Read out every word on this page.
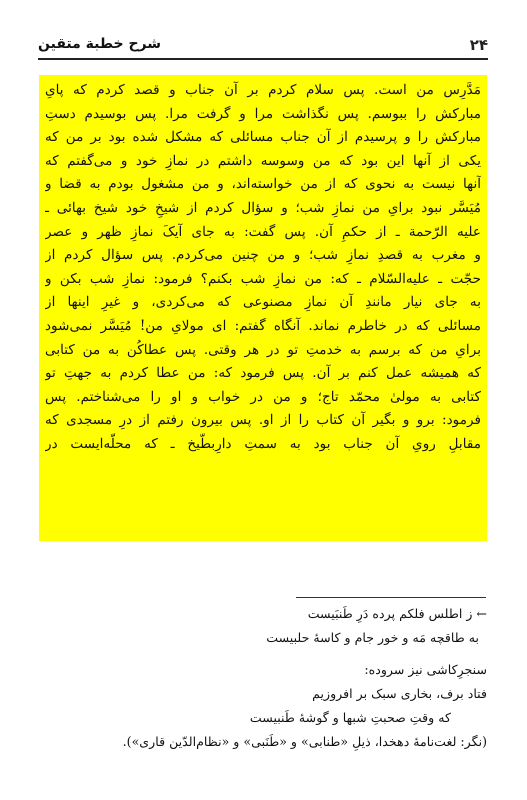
۲۴
شرح خطبة متقین
مَدَّرِس من است. پس سلام کردم بر آن جناب و قصد کردم که پایِ
مبارکش را ببوسم. پس نگذاشت مرا و گرفت مرا. پس بوسیدم دستِ
مبارکش را و پرسیدم از آن جناب مسائلی که مشکل شده بود بر من که
یکی از آنها این بود که من وسوسه داشتم در نمازِ خود و می‌گفتم که
آنها نیست به نحوی که از من خواسته‌اند، و من مشغول بودم به قضا و
مُیَسَّر نبود برایِ من نمازِ شب؛ و سؤال کردم از شیخِ خود شیخ بهائی ـ
علیه الرّحمة ـ از حکمِ آن. پس گفت: به جای آیکَ نمازِ ظهر و عصر
و مغرب به قصدِ نمازِ شب؛ و من چنین می‌کردم. پس سؤال کردم از
حجّت ـ علیه‌السّلام ـ که: من نمازِ شب بکنم؟ فرمود: نمازِ شب بکن و
به جای نیار مانندِ آن نمازِ مصنوعی که می‌کردی، و غیرِ اینها از
مسائلی که در خاطرم نماند. آنگاه گفتم: ای مولایِ من! مُیَسَّر نمی‌شود
برایِ من که برسم به خدمتِ تو در هر وقتی. پس عطاکُن به من کتابی
که همیشه عمل کنم بر آن. پس فرمود که: من عطا کردم به جهتِ تو
کتابی به مولیٰ محمّد تاج؛ و من در خواب و او را می‌شناختم. پس
فرمود: برو و بگیر آن کتاب را از او. پس بیرون رفتم از درِ مسجدی که
مقابلِ رویِ آن جناب بود به سمتِ دارِبطّیخ ـ که محلّه‌ایست در
← ز اطلس فلکم پرده دَرِ طَنبَیست
به طاقچه مَه و خور جام و کاسهٔ حلبیست
سنجرِکاشی نیز سروده:
فتاد برف، بخاری سبک بر افروزیم
که وقتِ صحبتِ شبها و گوشهٔ طَنبیست
(نگر: لغت‌نامهٔ دهخدا، ذیلِ «طنابی» و «طَنَبی» و «نظام‌الدّین قاری»).
